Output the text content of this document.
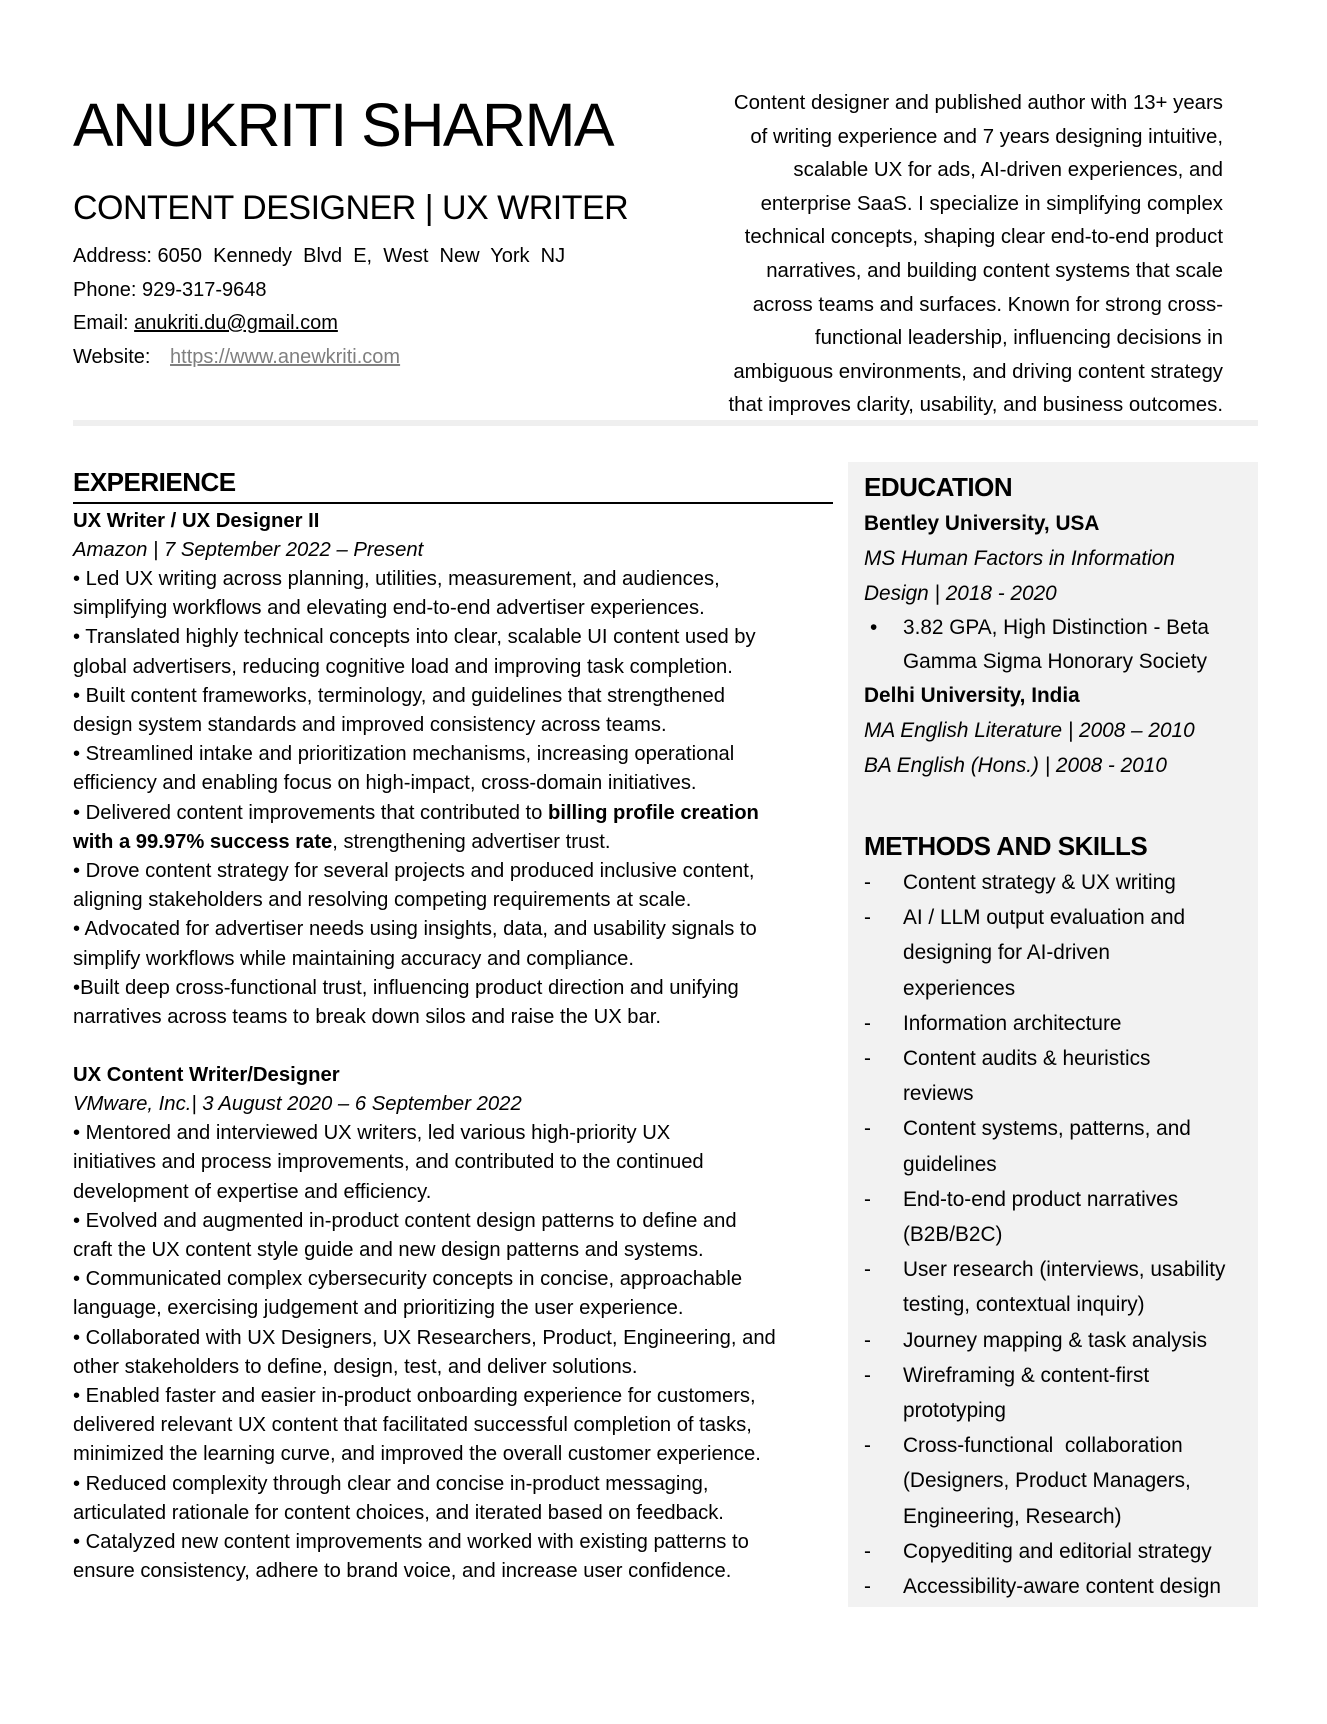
ANUKRITI SHARMA
CONTENT DESIGNER | UX WRITER
Address: 6050  Kennedy  Blvd  E,  West  New  York  NJ
Phone: 929-317-9648
Email: anukriti.du@gmail.com
Website: https://www.anewkriti.com
Content designer and published author with 13+ years
of writing experience and 7 years designing intuitive,
scalable UX for ads, AI-driven experiences, and
enterprise SaaS. I specialize in simplifying complex
technical concepts, shaping clear end-to-end product
narratives, and building content systems that scale
across teams and surfaces. Known for strong cross-
functional leadership, influencing decisions in
ambiguous environments, and driving content strategy
that improves clarity, usability, and business outcomes.
EXPERIENCE
UX Writer / UX Designer II
Amazon | 7 September 2022 – Present
• Led UX writing across planning, utilities, measurement, and audiences,
simplifying workflows and elevating end-to-end advertiser experiences.
• Translated highly technical concepts into clear, scalable UI content used by
global advertisers, reducing cognitive load and improving task completion.
• Built content frameworks, terminology, and guidelines that strengthened
design system standards and improved consistency across teams.
• Streamlined intake and prioritization mechanisms, increasing operational
efficiency and enabling focus on high-impact, cross-domain initiatives.
• Delivered content improvements that contributed to billing profile creation
with a 99.97% success rate, strengthening advertiser trust.
• Drove content strategy for several projects and produced inclusive content,
aligning stakeholders and resolving competing requirements at scale.
• Advocated for advertiser needs using insights, data, and usability signals to
simplify workflows while maintaining accuracy and compliance.
•Built deep cross-functional trust, influencing product direction and unifying
narratives across teams to break down silos and raise the UX bar.
UX Content Writer/Designer
VMware, Inc.| 3 August 2020 – 6 September 2022
• Mentored and interviewed UX writers, led various high-priority UX
initiatives and process improvements, and contributed to the continued
development of expertise and efficiency.
• Evolved and augmented in-product content design patterns to define and
craft the UX content style guide and new design patterns and systems.
• Communicated complex cybersecurity concepts in concise, approachable
language, exercising judgement and prioritizing the user experience.
• Collaborated with UX Designers, UX Researchers, Product, Engineering, and
other stakeholders to define, design, test, and deliver solutions.
• Enabled faster and easier in-product onboarding experience for customers,
delivered relevant UX content that facilitated successful completion of tasks,
minimized the learning curve, and improved the overall customer experience.
• Reduced complexity through clear and concise in-product messaging,
articulated rationale for content choices, and iterated based on feedback.
• Catalyzed new content improvements and worked with existing patterns to
ensure consistency, adhere to brand voice, and increase user confidence.
EDUCATION
Bentley University, USA
MS Human Factors in Information
Design | 2018 - 2020
•	3.82 GPA, High Distinction - Beta
Gamma Sigma Honorary Society
Delhi University, India
MA English Literature | 2008 – 2010
BA English (Hons.) | 2008 - 2010
METHODS AND SKILLS
-	Content strategy & UX writing
-	AI / LLM output evaluation and
designing for AI-driven
experiences
-	Information architecture
-	Content audits & heuristics
reviews
-	Content systems, patterns, and
guidelines
-	End-to-end product narratives
(B2B/B2C)
-	User research (interviews, usability
testing, contextual inquiry)
-	Journey mapping & task analysis
-	Wireframing & content-first
prototyping
-	Cross-functional  collaboration
(Designers, Product Managers,
Engineering, Research)
-	Copyediting and editorial strategy
-	Accessibility-aware content design
